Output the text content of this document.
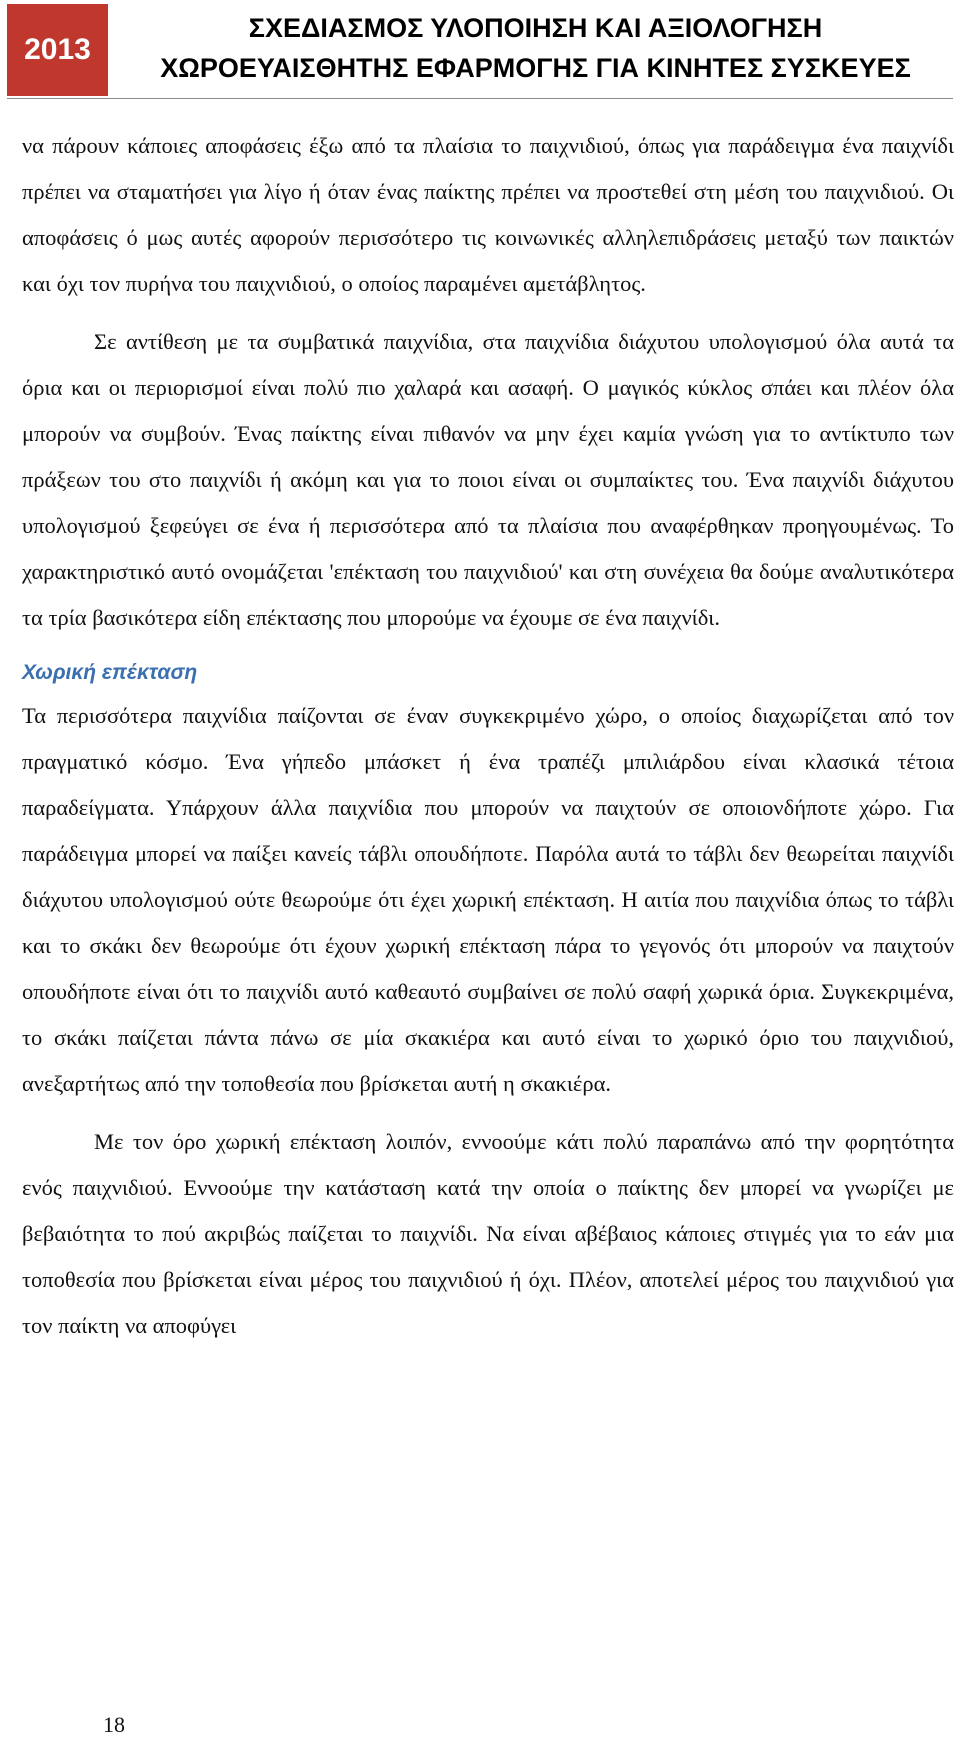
2013
ΣΧΕΔΙΑΣΜΟΣ ΥΛΟΠΟΙΗΣΗ ΚΑΙ ΑΞΙΟΛΟΓΗΣΗ
ΧΩΡΟΕΥΑΙΣΘΗΤΗΣ ΕΦΑΡΜΟΓΗΣ ΓΙΑ ΚΙΝΗΤΕΣ ΣΥΣΚΕΥΕΣ

να πάρουν κάποιες αποφάσεις έξω από τα πλαίσια το παιχνιδιού, όπως για παράδειγμα ένα παιχνίδι πρέπει να σταματήσει για λίγο ή όταν ένας παίκτης πρέπει να προστεθεί στη μέση του παιχνιδιού. Οι αποφάσεις ό μως αυτές αφορούν περισσότερο τις κοινωνικές αλληλεπιδράσεις μεταξύ των παικτών και όχι τον πυρήνα του παιχνιδιού, ο οποίος παραμένει αμετάβλητος.

Σε αντίθεση με τα συμβατικά παιχνίδια, στα παιχνίδια διάχυτου υπολογισμού όλα αυτά τα όρια και οι περιορισμοί είναι πολύ πιο χαλαρά και ασαφή. Ο μαγικός κύκλος σπάει και πλέον όλα μπορούν να συμβούν. Ένας παίκτης είναι πιθανόν να μην έχει καμία γνώση για το αντίκτυπο των πράξεων του στο παιχνίδι ή ακόμη και για το ποιοι είναι οι συμπαίκτες του. Ένα παιχνίδι διάχυτου υπολογισμού ξεφεύγει σε ένα ή περισσότερα από τα πλαίσια που αναφέρθηκαν προηγουμένως. Το χαρακτηριστικό αυτό ονομάζεται 'επέκταση του παιχνιδιού' και στη συνέχεια θα δούμε αναλυτικότερα τα τρία βασικότερα είδη επέκτασης που μπορούμε να έχουμε σε ένα παιχνίδι.

Χωρική επέκταση

Τα περισσότερα παιχνίδια παίζονται σε έναν συγκεκριμένο χώρο, ο οποίος διαχωρίζεται από τον πραγματικό κόσμο. Ένα γήπεδο μπάσκετ ή ένα τραπέζι μπιλιάρδου είναι κλασικά τέτοια παραδείγματα. Υπάρχουν άλλα παιχνίδια που μπορούν να παιχτούν σε οποιονδήποτε χώρο. Για παράδειγμα μπορεί να παίξει κανείς τάβλι οπουδήποτε. Παρόλα αυτά το τάβλι δεν θεωρείται παιχνίδι διάχυτου υπολογισμού ούτε θεωρούμε ότι έχει χωρική επέκταση. Η αιτία που παιχνίδια όπως το τάβλι και το σκάκι δεν θεωρούμε ότι έχουν χωρική επέκταση πάρα το γεγονός ότι μπορούν να παιχτούν οπουδήποτε είναι ότι το παιχνίδι αυτό καθεαυτό συμβαίνει σε πολύ σαφή χωρικά όρια. Συγκεκριμένα, το σκάκι παίζεται πάντα πάνω σε μία σκακιέρα και αυτό είναι το χωρικό όριο του παιχνιδιού, ανεξαρτήτως από την τοποθεσία που βρίσκεται αυτή η σκακιέρα.

Με τον όρο χωρική επέκταση λοιπόν, εννοούμε κάτι πολύ παραπάνω από την φορητότητα ενός παιχνιδιού. Εννοούμε την κατάσταση κατά την οποία ο παίκτης δεν μπορεί να γνωρίζει με βεβαιότητα το πού ακριβώς παίζεται το παιχνίδι. Να είναι αβέβαιος κάποιες στιγμές για το εάν μια τοποθεσία που βρίσκεται είναι μέρος του παιχνιδιού ή όχι. Πλέον, αποτελεί μέρος του παιχνιδιού για τον παίκτη να αποφύγει

18
